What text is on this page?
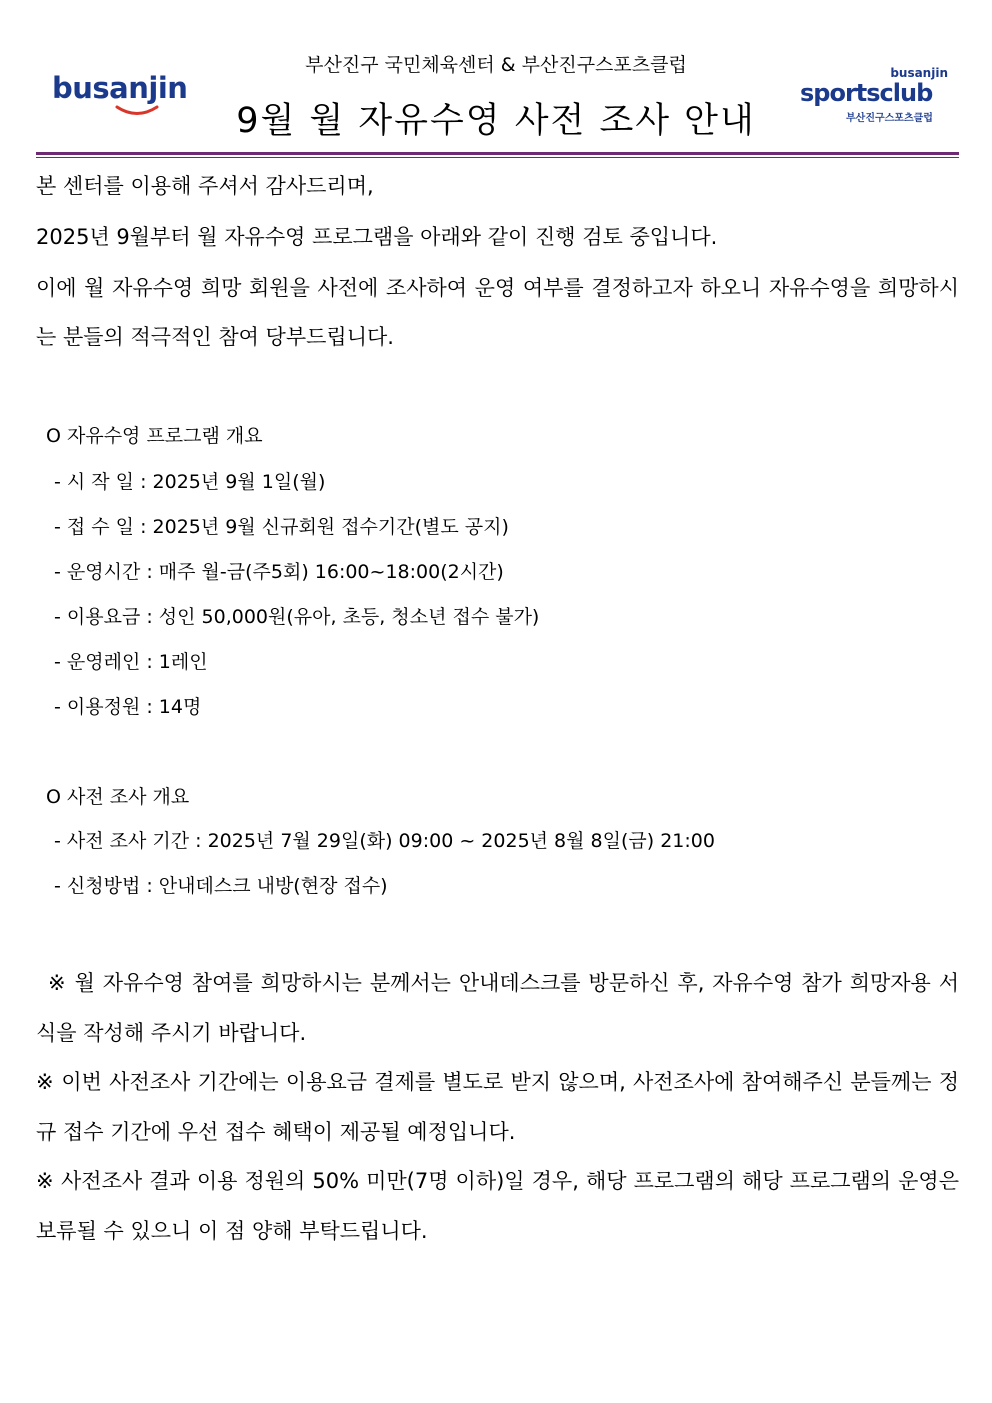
busanjin
부산진구 국민체육센터 & 부산진구스포츠클럽
9월 월 자유수영 사전 조사 안내
busanjin
sportsclub
부산진구스포츠클럽
본 센터를 이용해 주셔서 감사드리며,
2025년 9월부터 월 자유수영 프로그램을 아래와 같이 진행 검토 중입니다.
이에 월 자유수영 희망 회원을 사전에 조사하여 운영 여부를 결정하고자 하오니 자유수영을 희망하시는 분들의 적극적인 참여 당부드립니다.
O 자유수영 프로그램 개요
- 시 작 일 : 2025년 9월 1일(월)
- 접 수 일 : 2025년 9월 신규회원 접수기간(별도 공지)
- 운영시간 : 매주 월-금(주5회) 16:00~18:00(2시간)
- 이용요금 : 성인 50,000원(유아, 초등, 청소년 접수 불가)
- 운영레인 : 1레인
- 이용정원 : 14명
O 사전 조사 개요
- 사전 조사 기간 : 2025년 7월 29일(화) 09:00 ~ 2025년 8월 8일(금) 21:00
- 신청방법 : 안내데스크 내방(현장 접수)
※ 월 자유수영 참여를 희망하시는 분께서는 안내데스크를 방문하신 후, 자유수영 참가 희망자용 서식을 작성해 주시기 바랍니다.
※ 이번 사전조사 기간에는 이용요금 결제를 별도로 받지 않으며, 사전조사에 참여해주신 분들께는 정규 접수 기간에 우선 접수 혜택이 제공될 예정입니다.
※ 사전조사 결과 이용 정원의 50% 미만(7명 이하)일 경우, 해당 프로그램의 해당 프로그램의 운영은 보류될 수 있으니 이 점 양해 부탁드립니다.
